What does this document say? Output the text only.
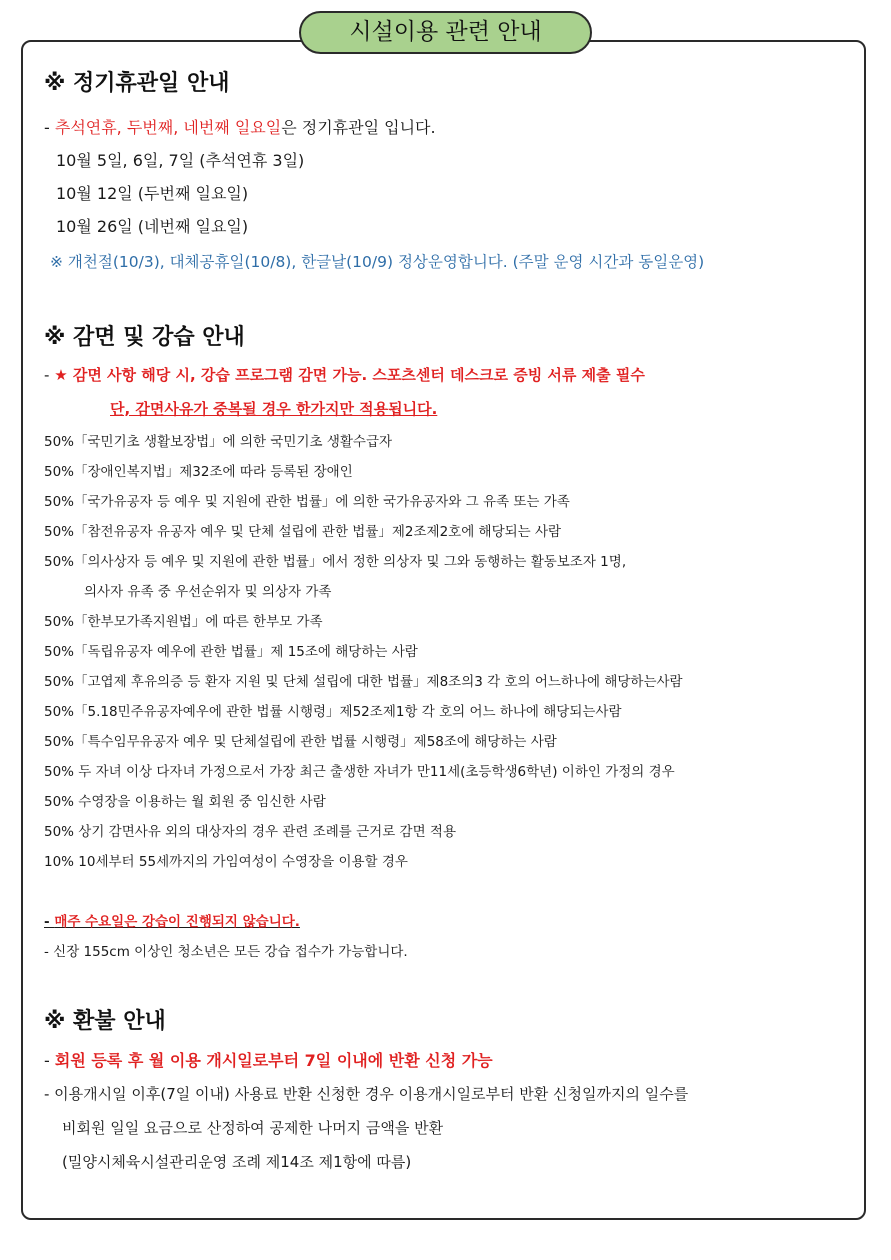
시설이용 관련 안내
※ 정기휴관일 안내
- 추석연휴, 두번째, 네번째 일요일은 정기휴관일 입니다.
10월 5일, 6일, 7일 (추석연휴 3일)
10월 12일 (두번째 일요일)
10월 26일 (네번째 일요일)
※ 개천절(10/3), 대체공휴일(10/8), 한글날(10/9) 정상운영합니다. (주말 운영 시간과 동일운영)
※ 감면 및 강습 안내
- ★ 감면 사항 해당 시, 강습 프로그램 감면 가능. 스포츠센터 데스크로 증빙 서류 제출 필수
단, 감면사유가 중복될 경우 한가지만 적용됩니다.
50%「국민기초 생활보장법」에 의한 국민기초 생활수급자
50%「장애인복지법」제32조에 따라 등록된 장애인
50%「국가유공자 등 예우 및 지원에 관한 법률」에 의한 국가유공자와 그 유족 또는 가족
50%「참전유공자 유공자 예우 및 단체 설립에 관한 법률」제2조제2호에 해당되는 사람
50%「의사상자 등 예우 및 지원에 관한 법률」에서 정한 의상자 및 그와 동행하는 활동보조자 1명,
의사자 유족 중 우선순위자 및 의상자 가족
50%「한부모가족지원법」에 따른 한부모 가족
50%「독립유공자 예우에 관한 법률」제 15조에 해당하는 사람
50%「고엽제 후유의증 등 환자 지원 및 단체 설립에 대한 법률」제8조의3 각 호의 어느하나에 해당하는사람
50%「5.18민주유공자예우에 관한 법률 시행령」제52조제1항 각 호의 어느 하나에 해당되는사람
50%「특수임무유공자 예우 및 단체설립에 관한 법률 시행령」제58조에 해당하는 사람
50% 두 자녀 이상 다자녀 가정으로서 가장 최근 출생한 자녀가 만11세(초등학생6학년) 이하인 가정의 경우
50% 수영장을 이용하는 월 회원 중 임신한 사람
50% 상기 감면사유 외의 대상자의 경우 관련 조례를 근거로 감면 적용
10% 10세부터 55세까지의 가임여성이 수영장을 이용할 경우
- 매주 수요일은 강습이 진행되지 않습니다.
- 신장 155cm 이상인 청소년은 모든 강습 접수가 가능합니다.
※ 환불 안내
- 회원 등록 후 월 이용 개시일로부터 7일 이내에 반환 신청 가능
- 이용개시일 이후(7일 이내) 사용료 반환 신청한 경우 이용개시일로부터 반환 신청일까지의 일수를
비회원 일일 요금으로 산정하여 공제한 나머지 금액을 반환
(밀양시체육시설관리운영 조례 제14조 제1항에 따름)
